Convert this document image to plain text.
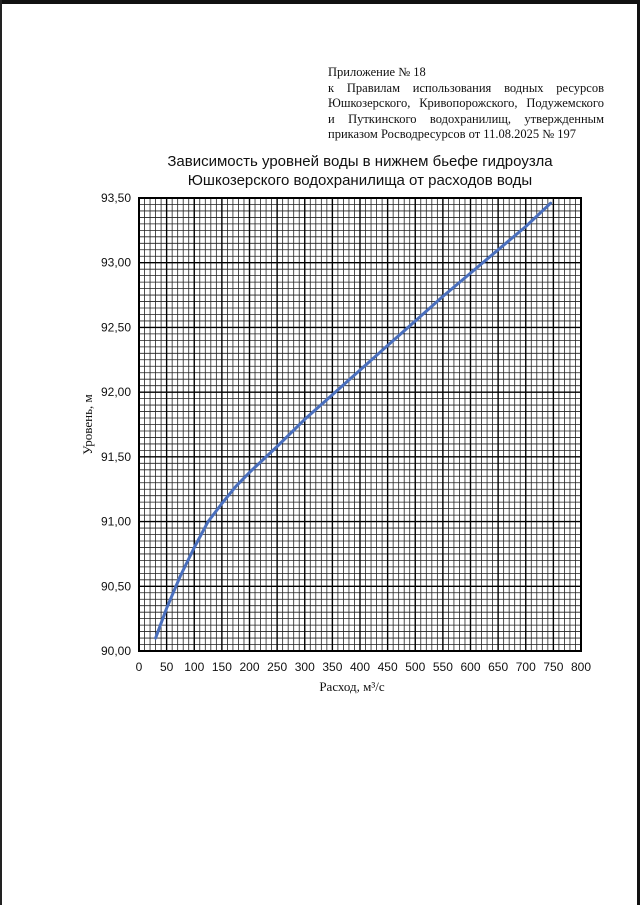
Приложение № 18
к Правилам использования водных ресурсов
Юшкозерского, Кривопорожского, Подужемского
и Путкинского водохранилищ, утвержденным
приказом Росводресурсов от 11.08.2025 № 197
Зависимость уровней воды в нижнем бьефе гидроузла
Юшкозерского водохранилища от расходов воды
0 50 100 150 200 250 300 350 400 450 500 550 600 650 700 750 800
90,00
90,50
91,00
91,50
92,00
92,50
93,00
93,50
Расход, м³/с
Уровень, м
